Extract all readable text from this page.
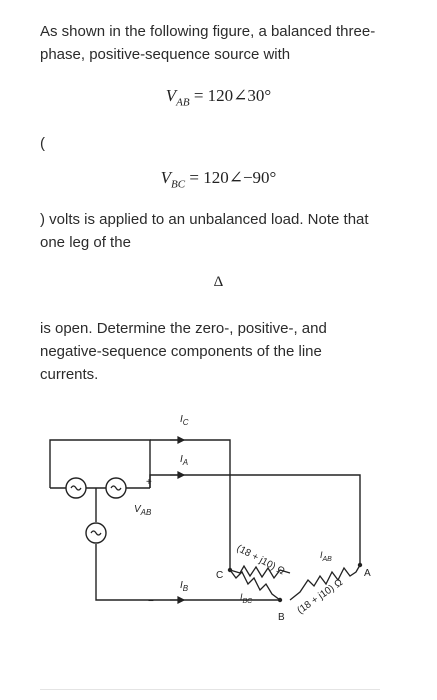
As shown in the following figure, a balanced three-phase, positive-sequence source with

$V_{AB}$ = 120∠30°
(
$V_{BC}$ = 120∠−90°

) volts is applied to an unbalanced load. Note that one leg of the

Δ

is open. Determine the zero-, positive-, and negative-sequence components of the line currents.

$I_C$
$I_A$
$I_B$
+
−
$V_{AB}$
C	A
B
$I_{AB}$
$I_{BC}$
(18 + j10) Ω
(18 + j10) Ω
